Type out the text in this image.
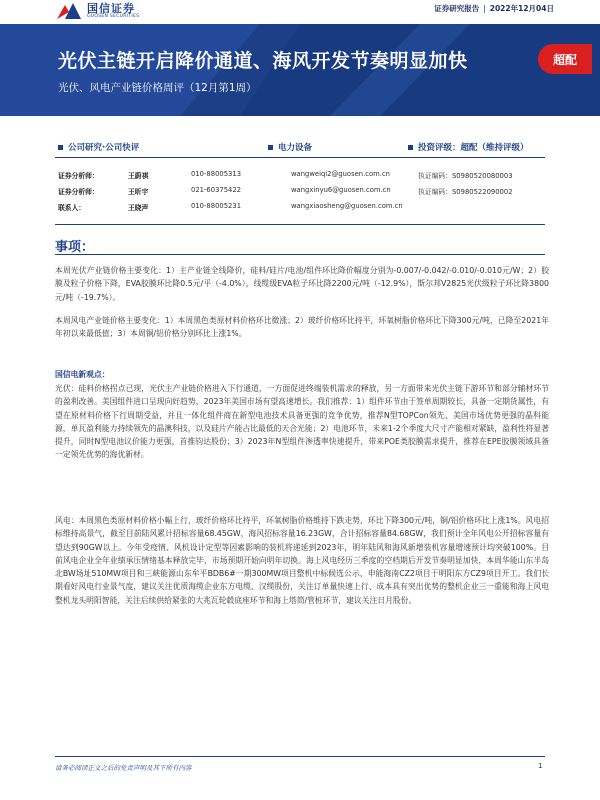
国信证券
GUOSEN SECURITIES
证券研究报告 | 2022年12月04日
光伏主链开启降价通道、海风开发节奏明显加快
光伏、风电产业链价格周评（12月第1周）
超配
公司研究·公司快评	电力设备	投资评级：超配（维持评级）
证券分析师：	王蔚祺	010-88005313	wangweiqi2@guosen.com.cn	执证编码：S0980520080003
证券分析师：	王昕宇	021-60375422	wangxinyu6@guosen.com.cn	执证编码：S0980522090002
联系人：	王晓声	010-88005231	wangxiaosheng@guosen.com.cn
事项：
本周光伏产业链价格主要变化：1）主产业链全线降价，硅料/硅片/电池/组件环比降价幅度分别为-0.007/-0.042/-0.010/-0.010元/W；2）胶膜及粒子价格下降，EVA胶膜环比降0.5元/平（-4.0%），线缆级EVA粒子环比降2200元/吨（-12.9%），斯尔邦V2825光伏级粒子环比降3800元/吨（-19.7%）。
本周风电产业链价格主要变化：1）本周黑色类原材料价格环比微涨；2）玻纤价格环比持平，环氧树脂价格环比下降300元/吨，已降至2021年年初以来最低值；3）本周铜/铝价格分别环比上涨1%。
国信电新观点：
光伏：硅料价格拐点已现，光伏主产业链价格进入下行通道，一方面促进终端装机需求的释放，另一方面带来光伏主链下游环节和部分辅材环节的盈利改善。美国组件进口呈现向好趋势，2023年美国市场有望高速增长。我们推荐：1）组件环节由于签单周期较长，具备一定期货属性，有望在原材料价格下行周期受益，并且一体化组件商在新型电池技术具备更强的竞争优势，推荐N型TOPCon领先、美国市场优势更强的晶科能源，单瓦盈利能力持续领先的晶澳科技，以及硅片产能占比最低的天合光能；2）电池环节，未来1-2个季度大尺寸产能相对紧缺，盈利性将显著提升，同时N型电池议价能力更强，首推钧达股份；3）2023年N型组件渗透率快速提升，带来POE类胶膜需求提升，推荐在EPE胶膜领域具备一定领先优势的海优新材。
风电：本周黑色类原材料价格小幅上行，玻纤价格环比持平，环氧树脂价格维持下跌走势，环比下降300元/吨，铜/铝价格环比上涨1%。风电招标维持高景气，截至目前陆风累计招标容量68.45GW，海风招标容量16.23GW，合计招标容量84.68GW，我们预计全年风电公开招标容量有望达到90GW以上。今年受疫情、风机设计定型等因素影响的装机将递延到2023年，明年陆风和海风新增装机容量增速预计均突破100%。目前风电企业全年业绩承压情绪基本释放完毕，市场预期开始向明年切换。海上风电经历三季度的空档期后开发节奏明显加快，本周华能山东半岛北BW场址510MW项目和三峡能源山东牟平BDB6#一期300MW项目整机中标候选公示，申能海南CZ2项目于明阳东方CZ9项目开工。我们长期看好风电行业景气度，建议关注优质海缆企业东方电缆、汉缆股份，关注订单量快速上行、成本具有突出优势的整机企业三一重能和海上风电整机龙头明阳智能，关注后续供给紧张的大兆瓦轮毂底座环节和海上塔筒/管桩环节，建议关注日月股份。
请务必阅读正文之后的免责声明及其下所有内容	1
